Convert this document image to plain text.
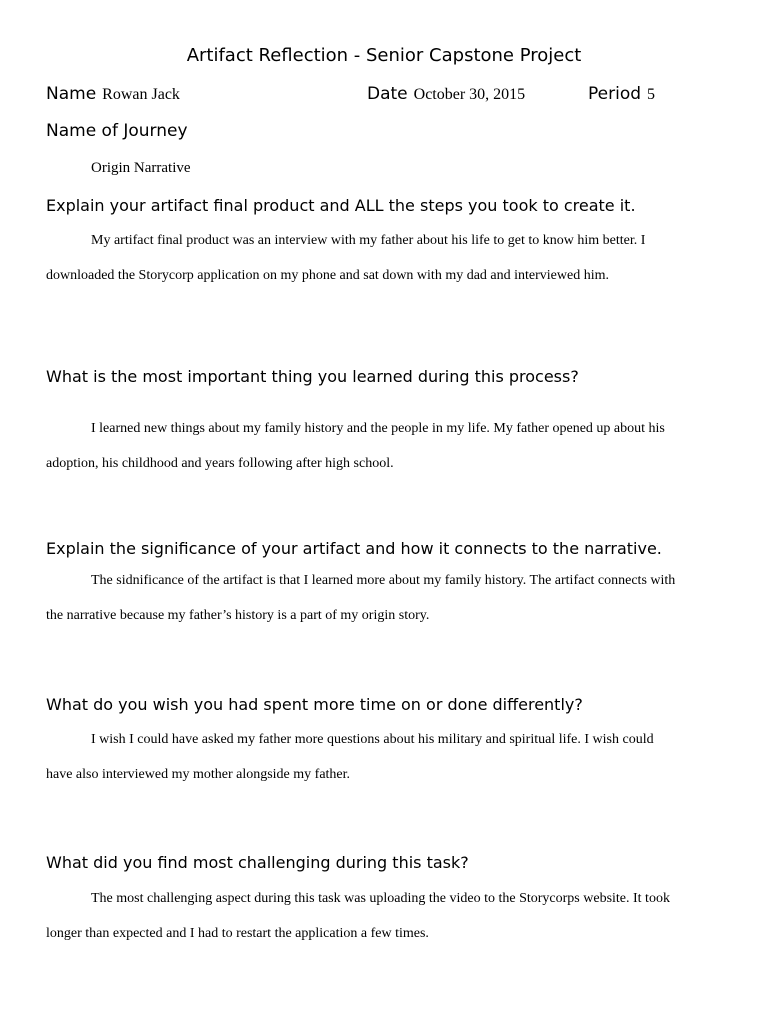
Artifact Reflection - Senior Capstone Project
Name Rowan Jack	Date October 30, 2015	Period 5
Name of Journey
Origin Narrative
Explain your artifact final product and ALL the steps you took to create it.
My artifact final product was an interview with my father about his life to get to know him better. I
downloaded the Storycorp application on my phone and sat down with my dad and interviewed him.
What is the most important thing you learned during this process?
I learned new things about my family history and the people in my life. My father opened up about his
adoption, his childhood and years following after high school.
Explain the significance of your artifact and how it connects to the narrative.
The sidnificance of the artifact is that I learned more about my family history. The artifact connects with
the narrative because my father’s history is a part of my origin story.
What do you wish you had spent more time on or done differently?
I wish I could have asked my father more questions about his military and spiritual life. I wish could
have also interviewed my mother alongside my father.
What did you find most challenging during this task?
The most challenging aspect during this task was uploading the video to the Storycorps website. It took
longer than expected and I had to restart the application a few times.
